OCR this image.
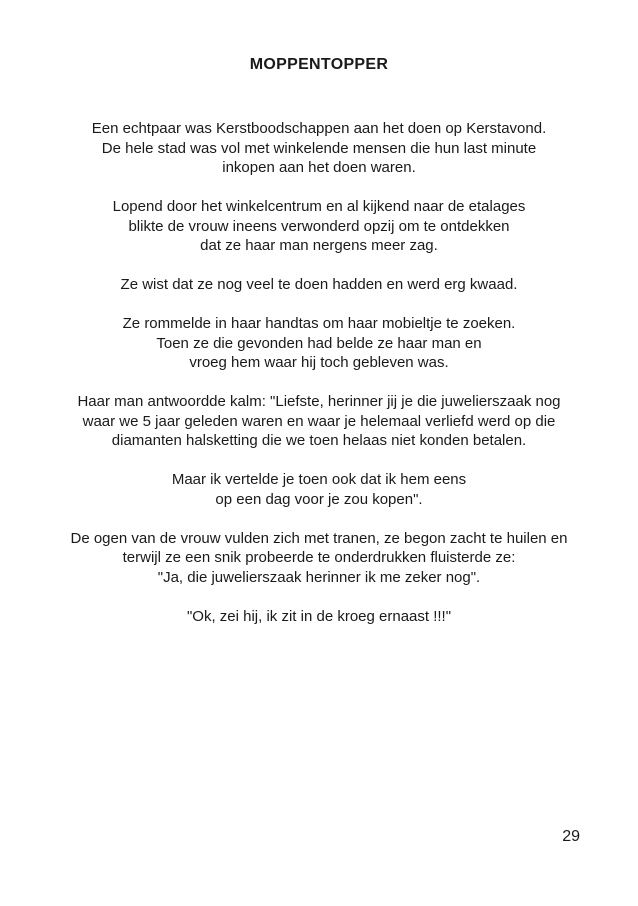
MOPPENTOPPER

Een echtpaar was Kerstboodschappen aan het doen op Kerstavond.
De hele stad was vol met winkelende mensen die hun last minute
inkopen aan het doen waren.

Lopend door het winkelcentrum en al kijkend naar de etalages
blikte de vrouw ineens verwonderd opzij om te ontdekken
dat ze haar man nergens meer zag.

Ze wist dat ze nog veel te doen hadden en werd erg kwaad.

Ze rommelde in haar handtas om haar mobieltje te zoeken.
Toen ze die gevonden had belde ze haar man en
vroeg hem waar hij toch gebleven was.

Haar man antwoordde kalm: "Liefste, herinner jij je die juwelierszaak nog
waar we 5 jaar geleden waren en waar je helemaal verliefd werd op die
diamanten halsketting die we toen helaas niet konden betalen.

Maar ik vertelde je toen ook dat ik hem eens
op een dag voor je zou kopen".

De ogen van de vrouw vulden zich met tranen, ze begon zacht te huilen en
terwijl ze een snik probeerde te onderdrukken fluisterde ze:
"Ja, die juwelierszaak herinner ik me zeker nog".

"Ok, zei hij, ik zit in de kroeg ernaast !!!"

29
